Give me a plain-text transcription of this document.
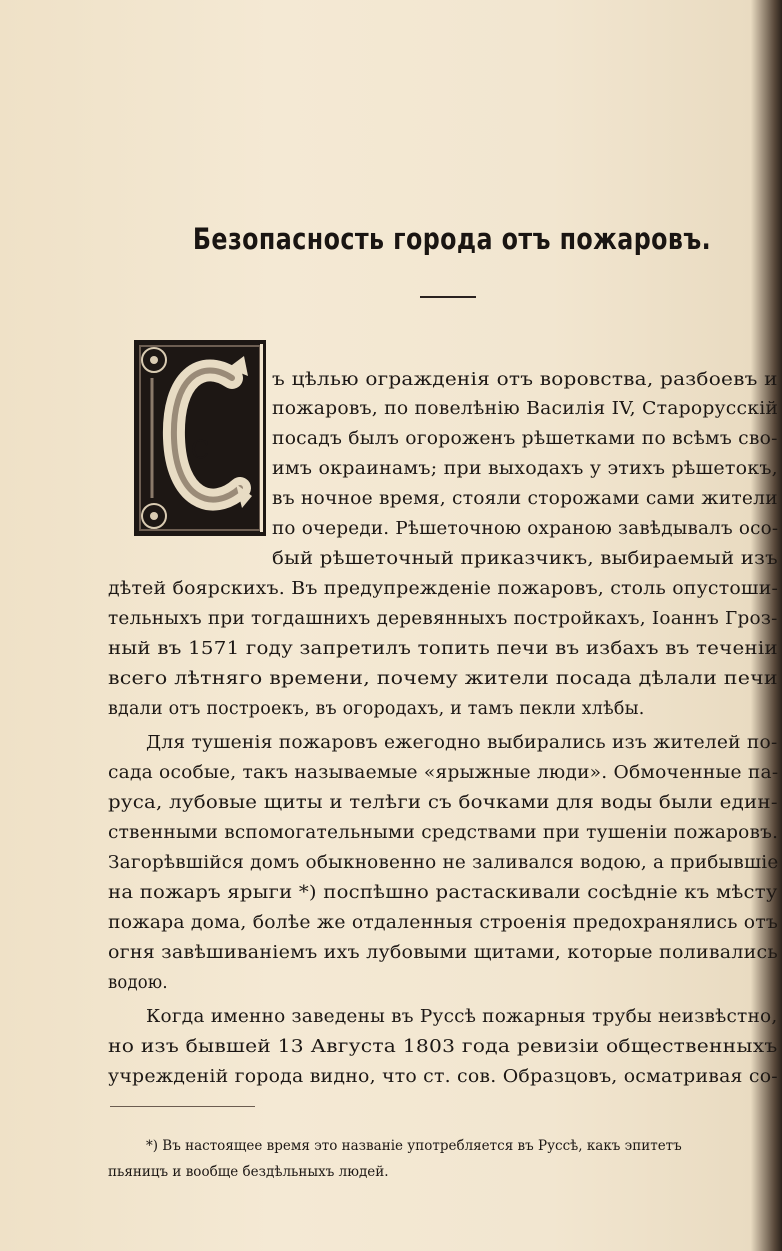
Безопасность города отъ пожаровъ.
С
ъ цѣлью огражденія отъ воровства, разбоевъ и
пожаровъ, по повелѣнію Василія IV, Старорусскій
посадъ былъ огороженъ рѣшетками по всѣмъ сво-
имъ окраинамъ; при выходахъ у этихъ рѣшетокъ,
въ ночное время, стояли сторожами сами жители
по очереди. Рѣшеточною охраною завѣдывалъ осо-
бый рѣшеточный приказчикъ, выбираемый изъ
дѣтей боярскихъ. Въ предупрежденіе пожаровъ, столь опустоши-
тельныхъ при тогдашнихъ деревянныхъ постройкахъ, Іоаннъ Гроз-
ный въ 1571 году запретилъ топить печи въ избахъ въ теченіи
всего лѣтняго времени, почему жители посада дѣлали печи
вдали отъ построекъ, въ огородахъ, и тамъ пекли хлѣбы.
Для тушенія пожаровъ ежегодно выбирались изъ жителей по-
сада особые, такъ называемые «ярыжные люди». Обмоченные па-
руса, лубовые щиты и телѣги съ бочками для воды были един-
ственными вспомогательными средствами при тушеніи пожаровъ.
Загорѣвшійся домъ обыкновенно не заливался водою, а прибывшіе
на пожаръ ярыги *) поспѣшно растаскивали сосѣдніе къ мѣсту
пожара дома, болѣе же отдаленныя строенія предохранялись отъ
огня завѣшиваніемъ ихъ лубовыми щитами, которые поливались
водою.
Когда именно заведены въ Руссѣ пожарныя трубы неизвѣстно,
но изъ бывшей 13 Августа 1803 года ревизіи общественныхъ
учрежденій города видно, что ст. сов. Образцовъ, осматривая со-
*) Въ настоящее время это названіе употребляется въ Руссѣ, какъ эпитетъ
пьяницъ и вообще бездѣльныхъ людей.
